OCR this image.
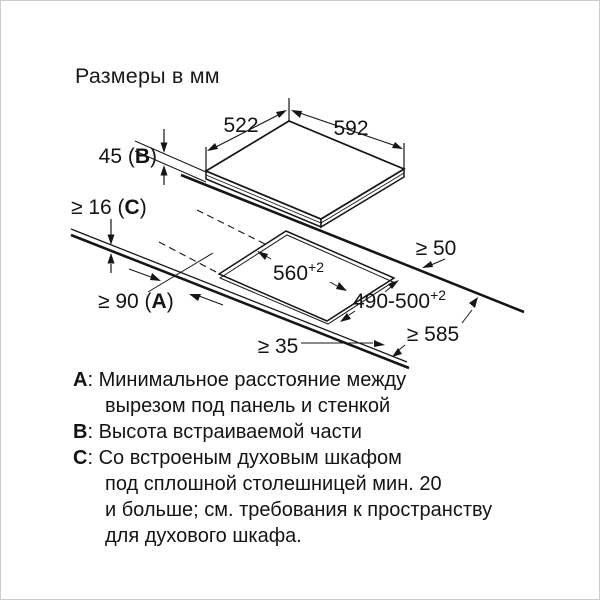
Размеры в мм
522	592
45 (B)
≥ 16 (C)
≥ 90 (A)
$560^{+2}$
$490-500^{+2}$
≥ 50
≥ 35
≥ 585
A: Минимальное расстояние между
вырезом под панель и стенкой
B: Высота встраиваемой части
C: Со встроеным духовым шкафом
под сплошной столешницей мин. 20
и больше; см. требования к пространству
для духового шкафа.
